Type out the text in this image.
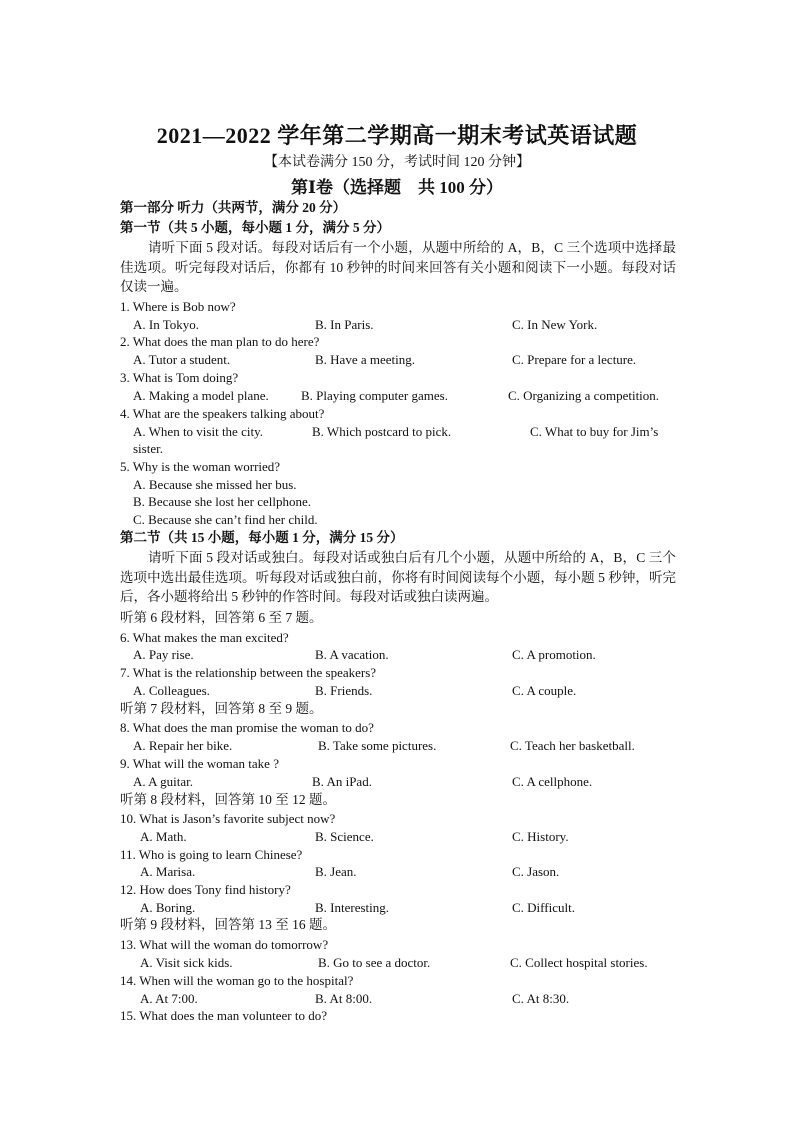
2021—2022 学年第二学期高一期末考试英语试题
【本试卷满分 150 分，考试时间 120 分钟】
第Ⅰ卷（选择题　共 100 分）
第一部分 听力（共两节，满分 20 分）
第一节（共 5 小题，每小题 1 分，满分 5 分）
请听下面 5 段对话。每段对话后有一个小题，从题中所给的 A，B，C 三个选项中选择最佳选项。听完每段对话后，你都有 10 秒钟的时间来回答有关小题和阅读下一小题。每段对话仅读一遍。
1. Where is Bob now?
A. In Tokyo.	B. In Paris.	C. In New York.
2. What does the man plan to do here?
A. Tutor a student.	B. Have a meeting.	C. Prepare for a lecture.
3. What is Tom doing?
A. Making a model plane. B. Playing computer games.	C. Organizing a competition.
4. What are the speakers talking about?
A. When to visit the city.	B. Which postcard to pick.	C. What to buy for Jim’s
sister.
5. Why is the woman worried?
A. Because she missed her bus.
B. Because she lost her cellphone.
C. Because she can’t find her child.
第二节（共 15 小题，每小题 1 分，满分 15 分）
请听下面 5 段对话或独白。每段对话或独白后有几个小题，从题中所给的 A，B，C 三个选项中选出最佳选项。听每段对话或独白前，你将有时间阅读每个小题，每小题 5 秒钟，听完后，各小题将给出 5 秒钟的作答时间。每段对话或独白读两遍。
听第 6 段材料，回答第 6 至 7 题。
6. What makes the man excited?
A. Pay rise.	B. A vacation.	C. A promotion.
7. What is the relationship between the speakers?
A. Colleagues.	B. Friends.	C. A couple.
听第 7 段材料，回答第 8 至 9 题。
8. What does the man promise the woman to do?
A. Repair her bike.	B. Take some pictures.	C. Teach her basketball.
9. What will the woman take ?
A. A guitar.	B. An iPad.	C. A cellphone.
听第 8 段材料，回答第 10 至 12 题。
10. What is Jason’s favorite subject now?
A. Math.	B. Science.	C. History.
11. Who is going to learn Chinese?
A. Marisa.	B. Jean.	C. Jason.
12. How does Tony find history?
A. Boring.	B. Interesting.	C. Difficult.
听第 9 段材料，回答第 13 至 16 题。
13. What will the woman do tomorrow?
A. Visit sick kids.	B. Go to see a doctor.	C. Collect hospital stories.
14. When will the woman go to the hospital?
A. At 7:00.	B. At 8:00.	C. At 8:30.
15. What does the man volunteer to do?
